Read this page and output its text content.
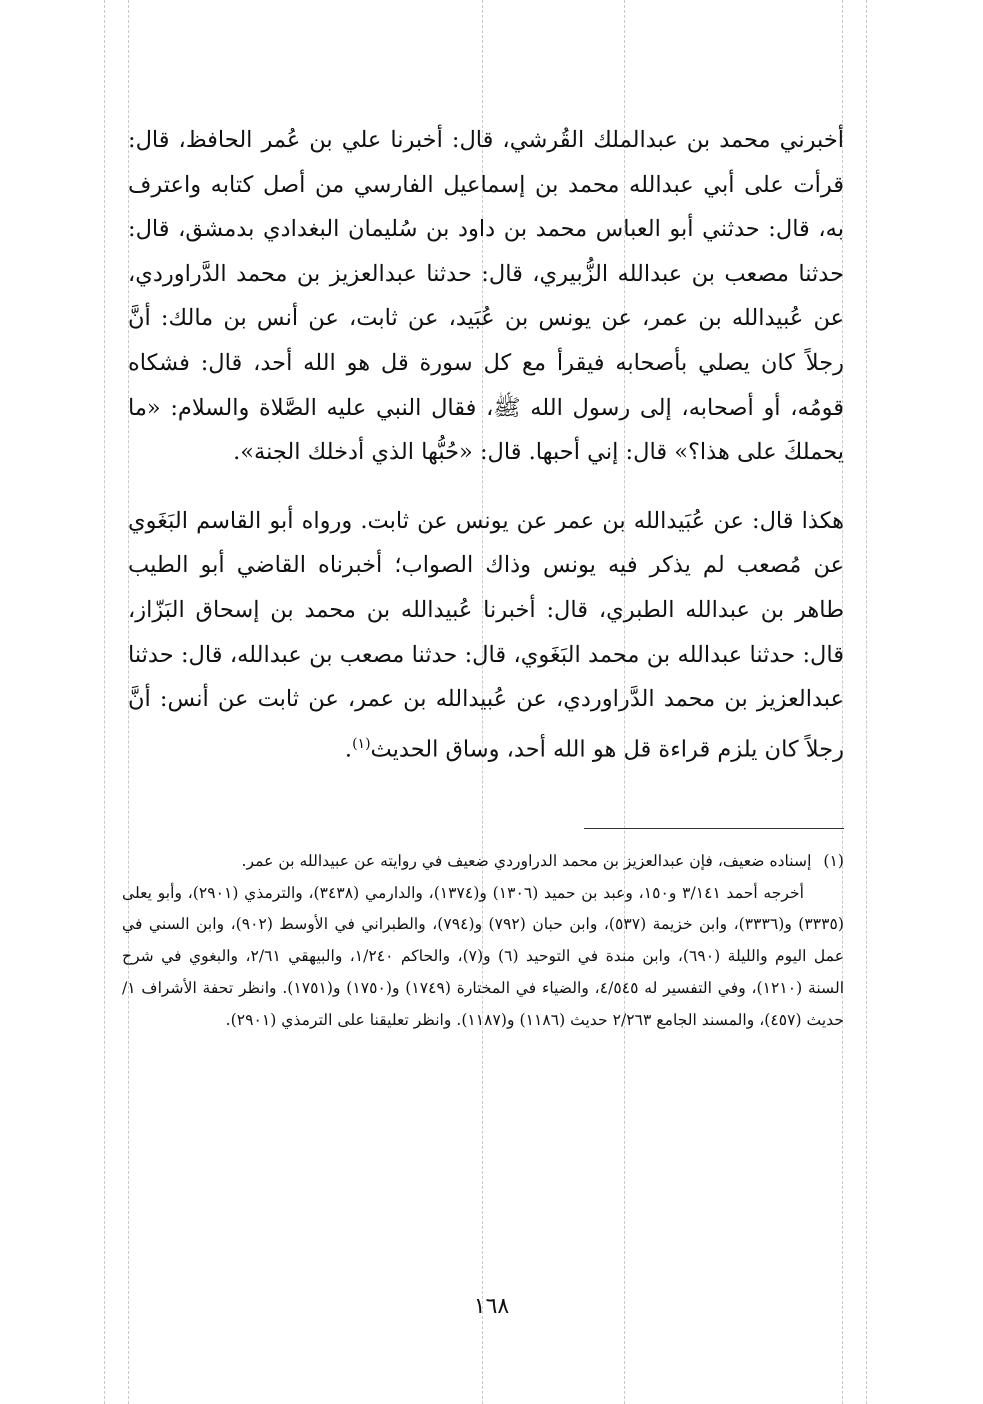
أخبرني محمد بن عبدالملك القُرشي، قال: أخبرنا علي بن عُمر الحافظ، قال: قرأت على أبي عبدالله محمد بن إسماعيل الفارسي من أصل كتابه واعترف به، قال: حدثني أبو العباس محمد بن داود بن سُليمان البغدادي بدمشق، قال: حدثنا مصعب بن عبدالله الزُّبيري، قال: حدثنا عبدالعزيز بن محمد الدَّراوردي، عن عُبيدالله بن عمر، عن يونس بن عُبَيد، عن ثابت، عن أنس بن مالك: أنَّ رجلاً كان يصلي بأصحابه فيقرأ مع كل سورة قل هو الله أحد، قال: فشكاه قومُه، أو أصحابه، إلى رسول الله ﷺ، فقال النبي عليه الصَّلاة والسلام: «ما يحملكَ على هذا؟» قال: إني أحبها. قال: «حُبُّها الذي أدخلك الجنة».

هكذا قال: عن عُبَيدالله بن عمر عن يونس عن ثابت. ورواه أبو القاسم البَغَوي عن مُصعب لم يذكر فيه يونس وذاك الصواب؛ أخبرناه القاضي أبو الطيب طاهر بن عبدالله الطبري، قال: أخبرنا عُبيدالله بن محمد بن إسحاق البَزّاز، قال: حدثنا عبدالله بن محمد البَغَوي، قال: حدثنا مصعب بن عبدالله، قال: حدثنا عبدالعزيز بن محمد الدَّراوردي، عن عُبيدالله بن عمر، عن ثابت عن أنس: أنَّ رجلاً كان يلزم قراءة قل هو الله أحد، وساق الحديث$^{(١)}$.

(١)إسناده ضعيف، فإن عبدالعزيز بن محمد الدراوردي ضعيف في روايته عن عبيدالله بن عمر.

أخرجه أحمد ٣/١٤١ و١٥٠، وعبد بن حميد (١٣٠٦) و(١٣٧٤)، والدارمي (٣٤٣٨)، والترمذي (٢٩٠١)، وأبو يعلى (٣٣٣٥) و(٣٣٣٦)، وابن خزيمة (٥٣٧)، وابن حبان (٧٩٢) و(٧٩٤)، والطبراني في الأوسط (٩٠٢)، وابن السني في عمل اليوم والليلة (٦٩٠)، وابن مندة في التوحيد (٦) و(٧)، والحاكم ١/٢٤٠، والبيهقي ٢/٦١، والبغوي في شرح السنة (١٢١٠)، وفي التفسير له ٤/٥٤٥، والضياء في المختارة (١٧٤٩) و(١٧٥٠) و(١٧٥١). وانظر تحفة الأشراف ١/حديث (٤٥٧)، والمسند الجامع ٢/٢٦٣ حديث (١١٨٦) و(١١٨٧). وانظر تعليقنا على الترمذي (٢٩٠١).

١٦٨
